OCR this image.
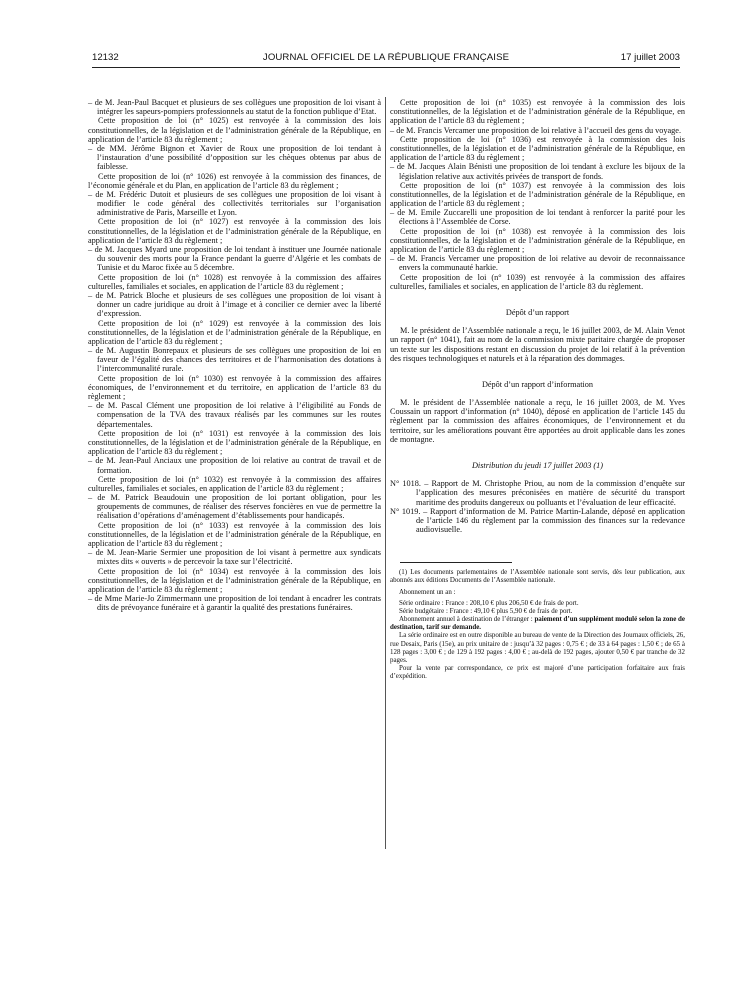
12132	JOURNAL OFFICIEL DE LA RÉPUBLIQUE FRANÇAISE	17 juillet 2003

– de M. Jean-Paul Bacquet et plusieurs de ses collègues une proposition de loi visant à intégrer les sapeurs-pompiers professionnels au statut de la fonction publique d’Etat.

Cette proposition de loi (n° 1025) est renvoyée à la commission des lois constitutionnelles, de la législation et de l’administration générale de la République, en application de l’article 83 du règlement ;

– de MM. Jérôme Bignon et Xavier de Roux une proposition de loi tendant à l’instauration d’une possibilité d’opposition sur les chèques obtenus par abus de faiblesse.

Cette proposition de loi (n° 1026) est renvoyée à la commission des finances, de l’économie générale et du Plan, en application de l’article 83 du règlement ;

– de M. Frédéric Dutoit et plusieurs de ses collègues une proposition de loi visant à modifier le code général des collectivités territoriales sur l’organisation administrative de Paris, Marseille et Lyon.

Cette proposition de loi (n° 1027) est renvoyée à la commission des lois constitutionnelles, de la législation et de l’administration générale de la République, en application de l’article 83 du règlement ;

– de M. Jacques Myard une proposition de loi tendant à instituer une Journée nationale du souvenir des morts pour la France pendant la guerre d’Algérie et les combats de Tunisie et du Maroc fixée au 5 décembre.

Cette proposition de loi (n° 1028) est renvoyée à la commission des affaires culturelles, familiales et sociales, en application de l’article 83 du règlement ;

– de M. Patrick Bloche et plusieurs de ses collègues une proposition de loi visant à donner un cadre juridique au droit à l’image et à concilier ce dernier avec la liberté d’expression.

Cette proposition de loi (n° 1029) est renvoyée à la commission des lois constitutionnelles, de la législation et de l’administration générale de la République, en application de l’article 83 du règlement ;

– de M. Augustin Bonrepaux et plusieurs de ses collègues une proposition de loi en faveur de l’égalité des chances des territoires et de l’harmonisation des dotations à l’intercommunalité rurale.

Cette proposition de loi (n° 1030) est renvoyée à la commission des affaires économiques, de l’environnement et du territoire, en application de l’article 83 du règlement ;

– de M. Pascal Clément une proposition de loi relative à l’éligibilité au Fonds de compensation de la TVA des travaux réalisés par les communes sur les routes départementales.

Cette proposition de loi (n° 1031) est renvoyée à la commission des lois constitutionnelles, de la législation et de l’administration générale de la République, en application de l’article 83 du règlement ;

– de M. Jean-Paul Anciaux une proposition de loi relative au contrat de travail et de formation.

Cette proposition de loi (n° 1032) est renvoyée à la commission des affaires culturelles, familiales et sociales, en application de l’article 83 du règlement ;

– de M. Patrick Beaudouin une proposition de loi portant obligation, pour les groupements de communes, de réaliser des réserves foncières en vue de permettre la réalisation d’opérations d’aménagement d’établissements pour handicapés.

Cette proposition de loi (n° 1033) est renvoyée à la commission des lois constitutionnelles, de la législation et de l’administration générale de la République, en application de l’article 83 du règlement ;

– de M. Jean-Marie Sermier une proposition de loi visant à permettre aux syndicats mixtes dits « ouverts » de percevoir la taxe sur l’électricité.

Cette proposition de loi (n° 1034) est renvoyée à la commission des lois constitutionnelles, de la législation et de l’administration générale de la République, en application de l’article 83 du règlement ;

– de Mme Marie-Jo Zimmermann une proposition de loi tendant à encadrer les contrats dits de prévoyance funéraire et à garantir la qualité des prestations funéraires.

Cette proposition de loi (n° 1035) est renvoyée à la commission des lois constitutionnelles, de la législation et de l’administration générale de la République, en application de l’article 83 du règlement ;

– de M. Francis Vercamer une proposition de loi relative à l’accueil des gens du voyage.

Cette proposition de loi (n° 1036) est renvoyée à la commission des lois constitutionnelles, de la législation et de l’administration générale de la République, en application de l’article 83 du règlement ;

– de M. Jacques Alain Bénisti une proposition de loi tendant à exclure les bijoux de la législation relative aux activités privées de transport de fonds.

Cette proposition de loi (n° 1037) est renvoyée à la commission des lois constitutionnelles, de la législation et de l’administration générale de la République, en application de l’article 83 du règlement ;

– de M. Emile Zuccarelli une proposition de loi tendant à renforcer la parité pour les élections à l’Assemblée de Corse.

Cette proposition de loi (n° 1038) est renvoyée à la commission des lois constitutionnelles, de la législation et de l’administration générale de la République, en application de l’article 83 du règlement ;

– de M. Francis Vercamer une proposition de loi relative au devoir de reconnaissance envers la communauté harkie.

Cette proposition de loi (n° 1039) est renvoyée à la commission des affaires culturelles, familiales et sociales, en application de l’article 83 du règlement.

Dépôt d’un rapport

M. le président de l’Assemblée nationale a reçu, le 16 juillet 2003, de M. Alain Venot un rapport (n° 1041), fait au nom de la commission mixte paritaire chargée de proposer un texte sur les dispositions restant en discussion du projet de loi relatif à la prévention des risques technologiques et naturels et à la réparation des dommages.

Dépôt d’un rapport d’information

M. le président de l’Assemblée nationale a reçu, le 16 juillet 2003, de M. Yves Coussain un rapport d’information (n° 1040), déposé en application de l’article 145 du règlement par la commission des affaires économiques, de l’environnement et du territoire, sur les améliorations pouvant être apportées au droit applicable dans les zones de montagne.

Distribution du jeudi 17 juillet 2003 (1)

N° 1018. – Rapport de M. Christophe Priou, au nom de la commission d’enquête sur l’application des mesures préconisées en matière de sécurité du transport maritime des produits dangereux ou polluants et l’évaluation de leur efficacité.

N° 1019. – Rapport d’information de M. Patrice Martin-Lalande, déposé en application de l’article 146 du règlement par la commission des finances sur la redevance audiovisuelle.

(1) Les documents parlementaires de l’Assemblée nationale sont servis, dès leur publication, aux abonnés aux éditions Documents de l’Assemblée nationale.

Abonnement un an :

Série ordinaire : France : 208,10 € plus 206,50 € de frais de port.

Série budgétaire : France : 49,10 € plus 5,90 € de frais de port.

Abonnement annuel à destination de l’étranger : paiement d’un supplément modulé selon la zone de destination, tarif sur demande.

La série ordinaire est en outre disponible au bureau de vente de la Direction des Journaux officiels, 26, rue Desaix, Paris (15e), au prix unitaire de : jusqu’à 32 pages : 0,75 € ; de 33 à 64 pages : 1,50 € ; de 65 à 128 pages : 3,00 € ; de 129 à 192 pages : 4,00 € ; au-delà de 192 pages, ajouter 0,50 € par tranche de 32 pages.

Pour la vente par correspondance, ce prix est majoré d’une participation forfaitaire aux frais d’expédition.
